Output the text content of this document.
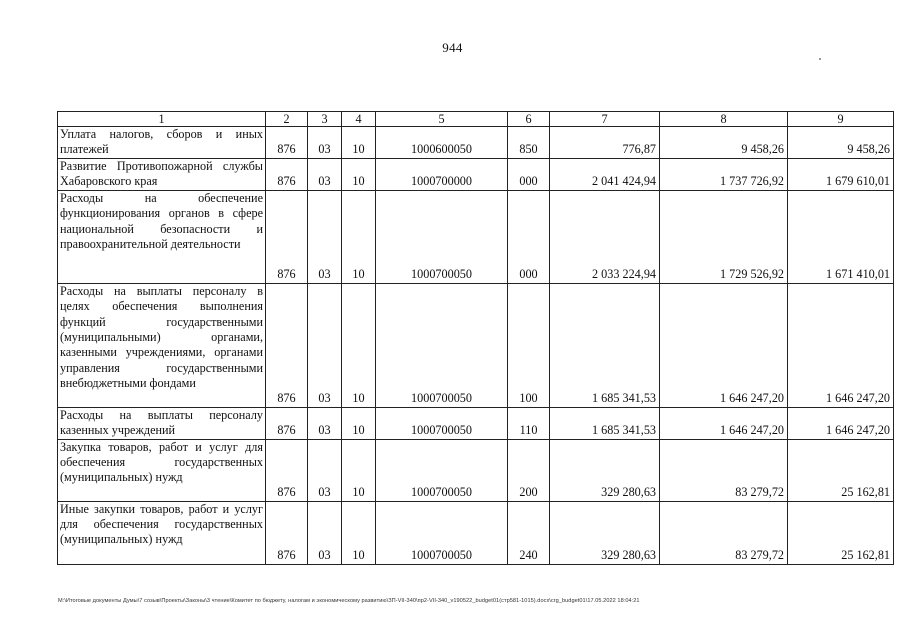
944
1	2	3	4	5	6	7	8	9
Уплата налогов, сборов и иных платежей	876	03	10	1000600050	850	776,87	9 458,26	9 458,26
Развитие Противопожарной службы Хабаровского края	876	03	10	1000700000	000	2 041 424,94	1 737 726,92	1 679 610,01
Расходы на обеспечение функционирования органов в сфере национальной безопасности и правоохранительной деятельности	876	03	10	1000700050	000	2 033 224,94	1 729 526,92	1 671 410,01
Расходы на выплаты персоналу в целях обеспечения выполнения функций государственными (муниципальными) органами, казенными учреждениями, органами управления государственными внебюджетными фондами	876	03	10	1000700050	100	1 685 341,53	1 646 247,20	1 646 247,20
Расходы на выплаты персоналу казенных учреждений	876	03	10	1000700050	110	1 685 341,53	1 646 247,20	1 646 247,20
Закупка товаров, работ и услуг для обеспечения государственных (муниципальных) нужд	876	03	10	1000700050	200	329 280,63	83 279,72	25 162,81
Иные закупки товаров, работ и услуг для обеспечения государственных (муниципальных) нужд	876	03	10	1000700050	240	329 280,63	83 279,72	25 162,81
M:\Итоговые документы Думы\7 созыв\Проекты\Законы\3 чтение\Комитет по бюджету, налогам и экономическому развитию\ЗП-VII-340\пр2-VII-340_v190522_budget01(стр581-1015).docx\crg_budget01\17.05.2022 18:04:21
